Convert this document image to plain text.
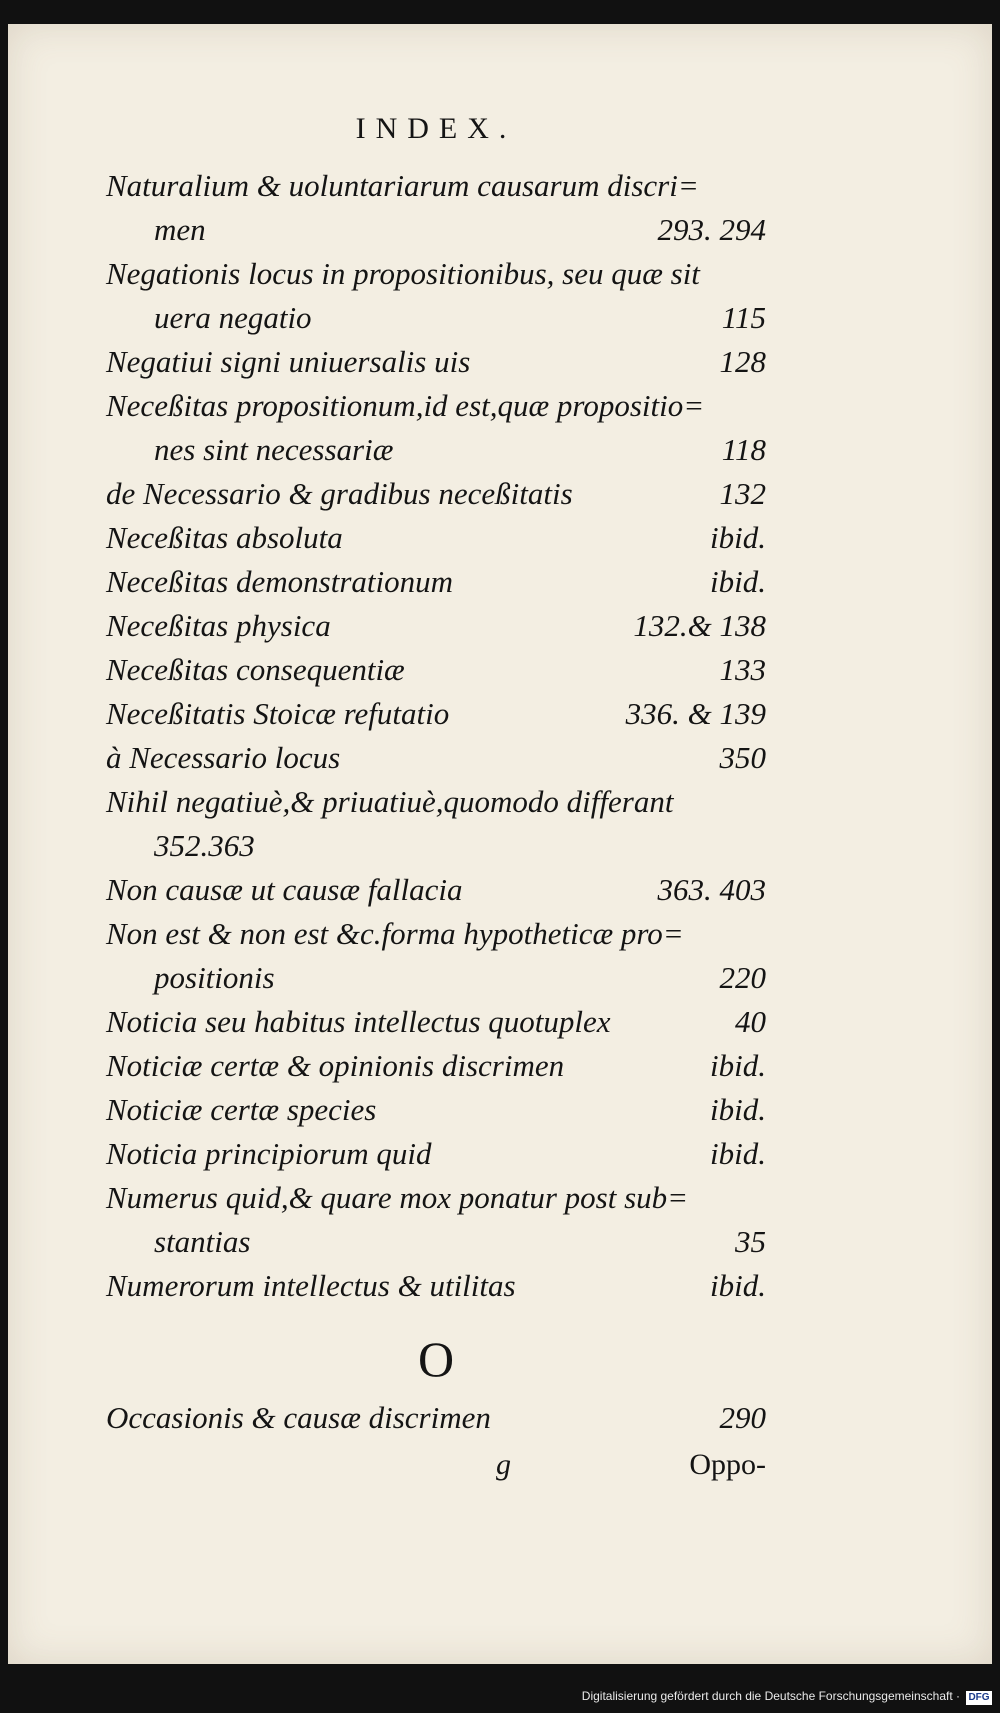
INDEX.
Naturalium & uoluntariarum causarum discri=
men	293. 294
Negationis locus in propositionibus, seu quæ sit
uera negatio	115
Negatiui signi uniuersalis uis	128
Neceßitas propositionum,id est,quæ propositio=
nes sint necessariæ	118
de Necessario & gradibus neceßitatis	132
Neceßitas absoluta	ibid.
Neceßitas demonstrationum	ibid.
Neceßitas physica	132.& 138
Neceßitas consequentiæ	133
Neceßitatis Stoicæ refutatio	336. & 139
à Necessario locus	350
Nihil negatiuè,& priuatiuè,quomodo differant
352.363
Non causæ ut causæ fallacia	363. 403
Non est & non est &c.forma hypotheticæ pro=
positionis	220
Noticia seu habitus intellectus quotuplex	40
Noticiæ certæ & opinionis discrimen	ibid.
Noticiæ certæ species	ibid.
Noticia principiorum quid	ibid.
Numerus quid,& quare mox ponatur post sub=
stantias	35
Numerorum intellectus & utilitas	ibid.
O
Occasionis & causæ discrimen	290
g	Oppo-
Digitalisierung gefördert durch die Deutsche Forschungsgemeinschaft · DFG
